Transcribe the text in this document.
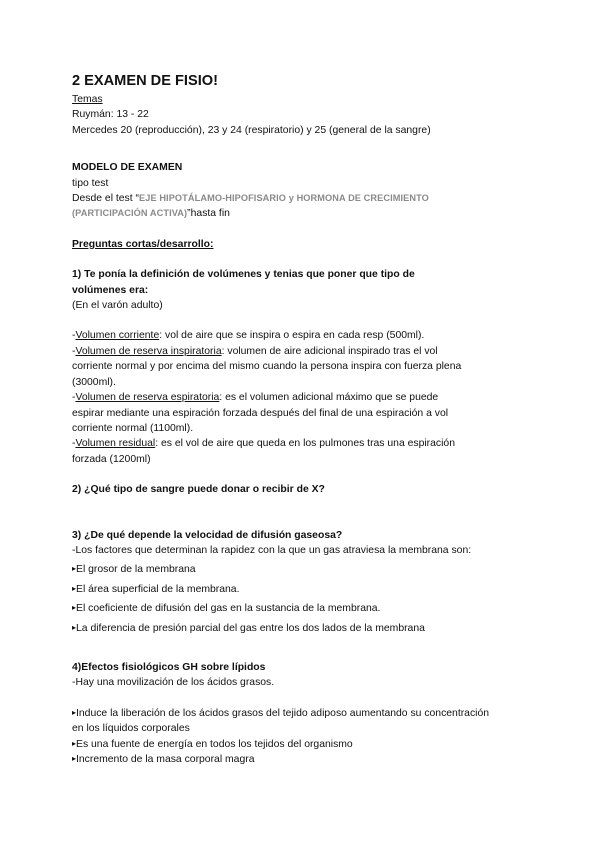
2 EXAMEN DE FISIO!
Temas
Ruymán: 13 - 22
Mercedes 20 (reproducción), 23 y 24 (respiratorio) y 25 (general de la sangre)
MODELO DE EXAMEN
tipo test
Desde el test “EJE HIPOTÁLAMO-HIPOFISARIO y HORMONA DE CRECIMIENTO
(PARTICIPACIÓN ACTIVA)”hasta fin
Preguntas cortas/desarrollo:
1) Te ponía la definición de volúmenes y tenias que poner que tipo de
volúmenes era:
(En el varón adulto)
-Volumen corriente: vol de aire que se inspira o espira en cada resp (500ml).
-Volumen de reserva inspiratoria: volumen de aire adicional inspirado tras el vol
corriente normal y por encima del mismo cuando la persona inspira con fuerza plena
(3000ml).
-Volumen de reserva espiratoria: es el volumen adicional máximo que se puede
espirar mediante una espiración forzada después del final de una espiración a vol
corriente normal (1100ml).
-Volumen residual: es el vol de aire que queda en los pulmones tras una espiración
forzada (1200ml)
2) ¿Qué tipo de sangre puede donar o recibir de X?
3) ¿De qué depende la velocidad de difusión gaseosa?
-Los factores que determinan la rapidez con la que un gas atraviesa la membrana son:
▸El grosor de la membrana
▸El área superficial de la membrana.
▸El coeficiente de difusión del gas en la sustancia de la membrana.
▸La diferencia de presión parcial del gas entre los dos lados de la membrana
4)Efectos fisiológicos GH sobre lípidos
-Hay una movilización de los ácidos grasos.
▸Induce la liberación de los ácidos grasos del tejido adiposo aumentando su concentración
en los líquidos corporales
▸Es una fuente de energía en todos los tejidos del organismo
▸Incremento de la masa corporal magra
